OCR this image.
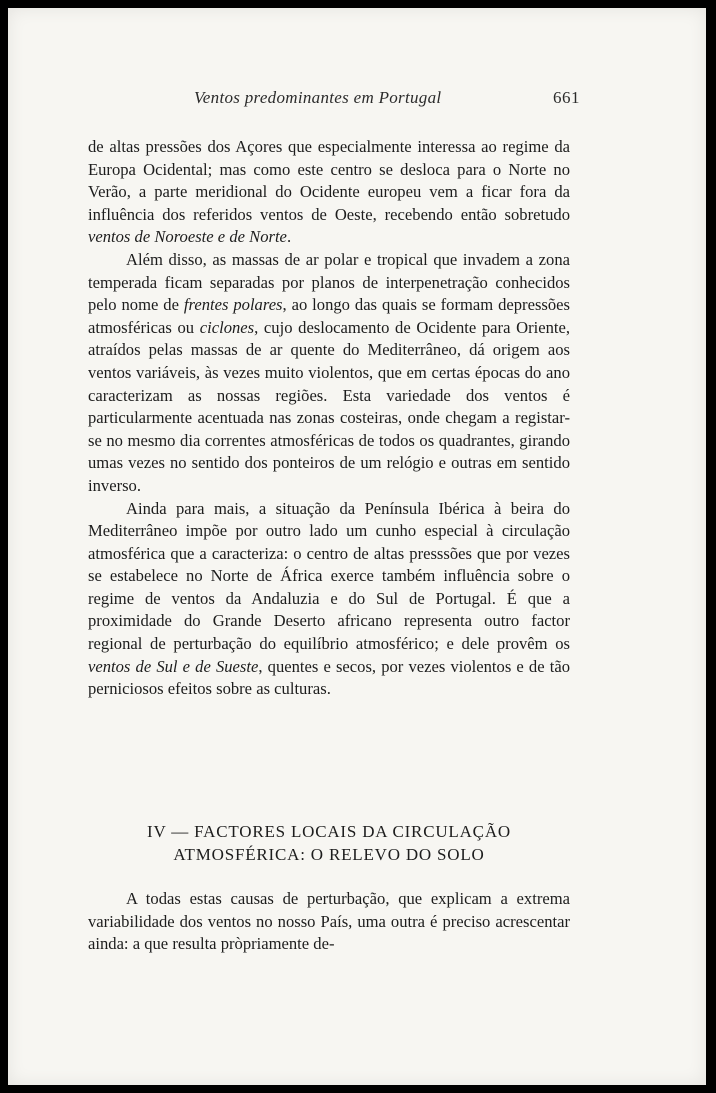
Ventos predominantes em Portugal	661

de altas pressões dos Açores que especialmente interessa ao regime da Europa Ocidental; mas como este centro se desloca para o Norte no Verão, a parte meridional do Ocidente europeu vem a ficar fora da influência dos referidos ventos de Oeste, recebendo então sobretudo ventos de Noroeste e de Norte.

Além disso, as massas de ar polar e tropical que invadem a zona temperada ficam separadas por planos de interpenetração conhecidos pelo nome de frentes polares, ao longo das quais se formam depressões atmosféricas ou ciclones, cujo deslocamento de Ocidente para Oriente, atraídos pelas massas de ar quente do Mediterrâneo, dá origem aos ventos variáveis, às vezes muito violentos, que em certas épocas do ano caracterizam as nossas regiões. Esta variedade dos ventos é particularmente acentuada nas zonas costeiras, onde chegam a registar-se no mesmo dia correntes atmosféricas de todos os quadrantes, girando umas vezes no sentido dos ponteiros de um relógio e outras em sentido inverso.

Ainda para mais, a situação da Península Ibérica à beira do Mediterrâneo impõe por outro lado um cunho especial à circulação atmosférica que a caracteriza: o centro de altas presssões que por vezes se estabelece no Norte de África exerce também influência sobre o regime de ventos da Andaluzia e do Sul de Portugal. É que a proximidade do Grande Deserto africano representa outro factor regional de perturbação do equilíbrio atmosférico; e dele provêm os ventos de Sul e de Sueste, quentes e secos, por vezes violentos e de tão perniciosos efeitos sobre as culturas.

IV — FACTORES LOCAIS DA CIRCULAÇÃO
ATMOSFÉRICA: O RELEVO DO SOLO

A todas estas causas de perturbação, que explicam a extrema variabilidade dos ventos no nosso País, uma outra é preciso acrescentar ainda: a que resulta pròpriamente de-
